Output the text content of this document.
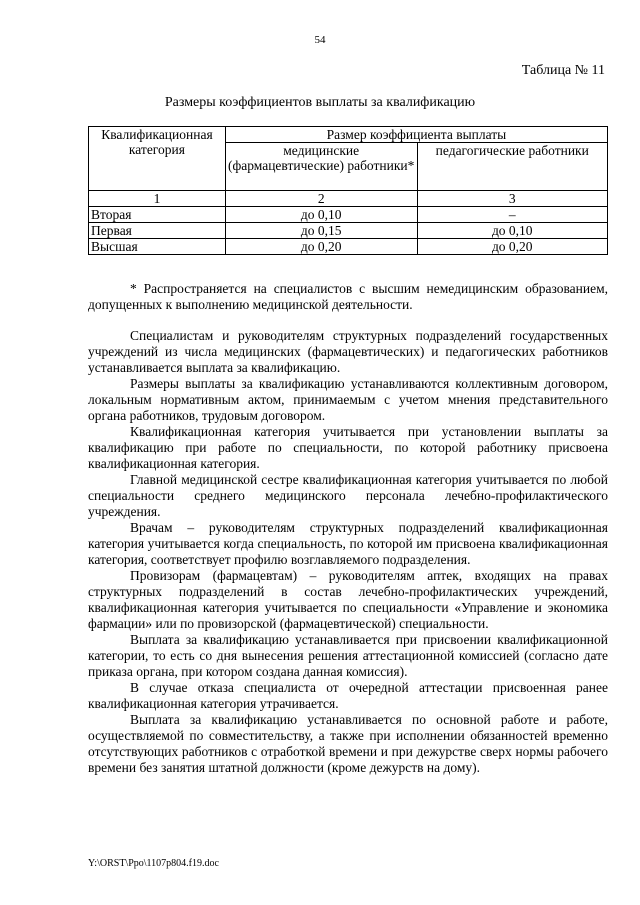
54
Таблица № 11
Размеры коэффициентов выплаты за квалификацию
Квалификационная категория	Размер коэффициента выплаты	
	медицинские (фармацевтические) работники*	педагогические работники
1	2	3
Вторая	до 0,10	–
Первая	до 0,15	до 0,10
Высшая	до 0,20	до 0,20

* Распространяется на специалистов с высшим немедицинским образованием, допущенных к выполнению медицинской деятельности.

Специалистам и руководителям структурных подразделений государственных учреждений из числа медицинских (фармацевтических) и педагогических работников устанавливается выплата за квалификацию.

Размеры выплаты за квалификацию устанавливаются коллективным договором, локальным нормативным актом, принимаемым с учетом мнения представительного органа работников, трудовым договором.

Квалификационная категория учитывается при установлении выплаты за квалификацию при работе по специальности, по которой работнику присвоена квалификационная категория.

Главной медицинской сестре квалификационная категория учитывается по любой специальности среднего медицинского персонала лечебно-профилактического учреждения.

Врачам – руководителям структурных подразделений квалификационная категория учитывается когда специальность, по которой им присвоена квалификационная категория, соответствует профилю возглавляемого подразделения.

Провизорам (фармацевтам) – руководителям аптек, входящих на правах структурных подразделений в состав лечебно-профилактических учреждений, квалификационная категория учитывается по специальности «Управление и экономика фармации» или по провизорской (фармацевтической) специальности.

Выплата за квалификацию устанавливается при присвоении квалификационной категории, то есть со дня вынесения решения аттестационной комиссией (согласно дате приказа органа, при котором создана данная комиссия).

В случае отказа специалиста от очередной аттестации присвоенная ранее квалификационная категория утрачивается.

Выплата за квалификацию устанавливается по основной работе и работе, осуществляемой по совместительству, а также при исполнении обязанностей временно отсутствующих работников с отработкой времени и при дежурстве сверх нормы рабочего времени без занятия штатной должности (кроме дежурств на дому).

Y:\ORST\Ppo\1107p804.f19.doc
